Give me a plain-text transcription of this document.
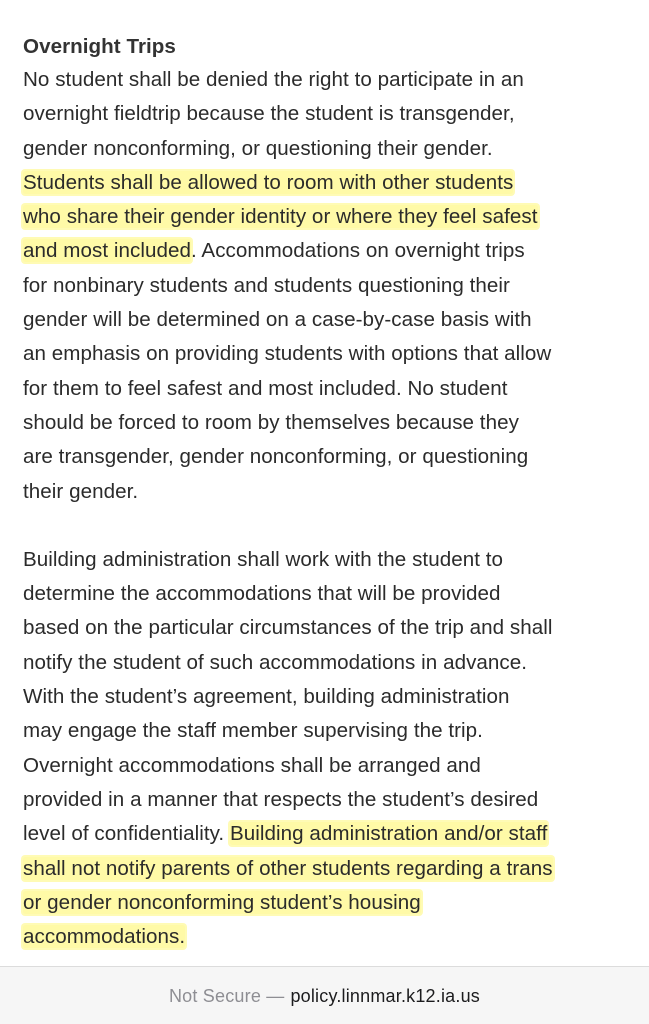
Overnight Trips
No student shall be denied the right to participate in an
overnight fieldtrip because the student is transgender,
gender nonconforming, or questioning their gender.
Students shall be allowed to room with other students
who share their gender identity or where they feel safest
and most included. Accommodations on overnight trips
for nonbinary students and students questioning their
gender will be determined on a case-by-case basis with
an emphasis on providing students with options that allow
for them to feel safest and most included. No student
should be forced to room by themselves because they
are transgender, gender nonconforming, or questioning
their gender.
Building administration shall work with the student to
determine the accommodations that will be provided
based on the particular circumstances of the trip and shall
notify the student of such accommodations in advance.
With the student’s agreement, building administration
may engage the staff member supervising the trip.
Overnight accommodations shall be arranged and
provided in a manner that respects the student’s desired
level of confidentiality. Building administration and/or staff
shall not notify parents of other students regarding a trans
or gender nonconforming student’s housing
accommodations.
Not Secure — policy.linnmar.k12.ia.us
